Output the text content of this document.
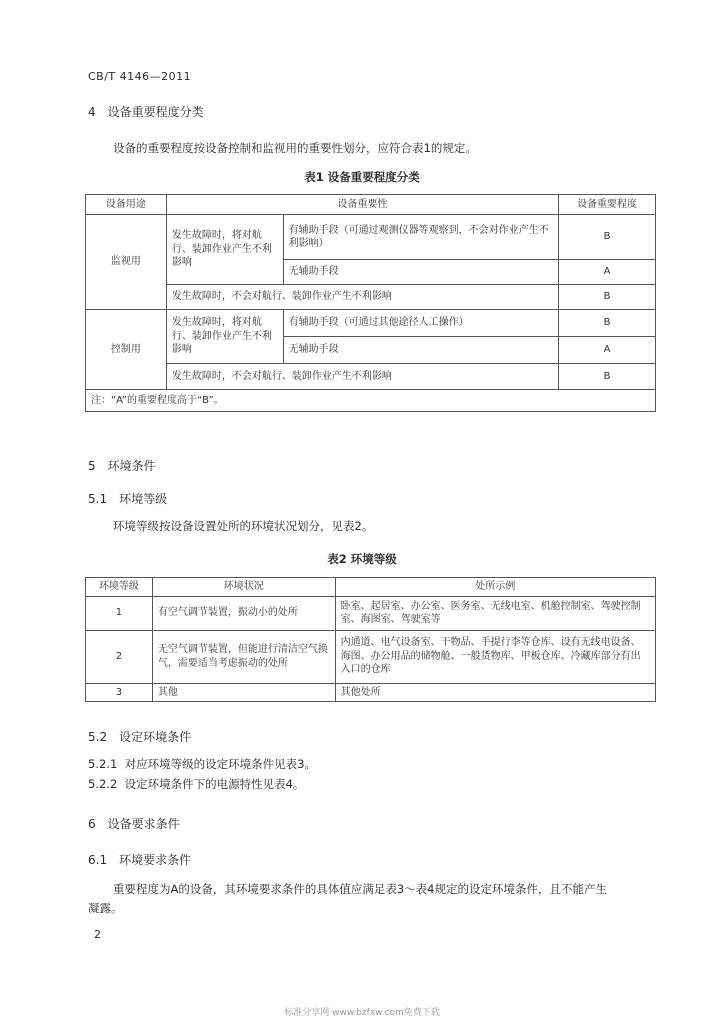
CB/T 4146—2011
4 设备重要程度分类
设备的重要程度按设备控制和监视用的重要性划分，应符合表1的规定。
表1 设备重要程度分类
设备用途	设备重要性		设备重要程度
监视用	发生故障时，将对航行、装卸作业产生不利影响	有辅助手段（可通过观测仪器等观察到，不会对作业产生不利影响）	B
		无辅助手段	A
	发生故障时，不会对航行、装卸作业产生不利影响		B
控制用	发生故障时，将对航行、装卸作业产生不利影响	有辅助手段（可通过其他途径人工操作）	B
		无辅助手段	A
	发生故障时，不会对航行、装卸作业产生不利影响		B
注：“A”的重要程度高于“B”。			
5 环境条件
5.1 环境等级
环境等级按设备设置处所的环境状况划分，见表2。
表2 环境等级
环境等级	环境状况	处所示例
1	有空气调节装置，振动小的处所	卧室、起居室、办公室、医务室、无线电室、机舱控制室、驾驶控制室、海图室、驾驶室等
2	无空气调节装置，但能进行清洁空气换气，需要适当考虑振动的处所	内通道、电气设备室、干物品、手提行李等仓库、设有无线电设备、海图、办公用品的储物舱、一般货物库、甲板仓库、冷藏库部分有出入口的仓库
3	其他	其他处所
5.2 设定环境条件
5.2.1 对应环境等级的设定环境条件见表3。
5.2.2 设定环境条件下的电源特性见表4。
6 设备要求条件
6.1 环境要求条件
重要程度为A的设备，其环境要求条件的具体值应满足表3～表4规定的设定环境条件，且不能产生
凝露。
2
标准分享网 www.bzfxw.com免费下载
